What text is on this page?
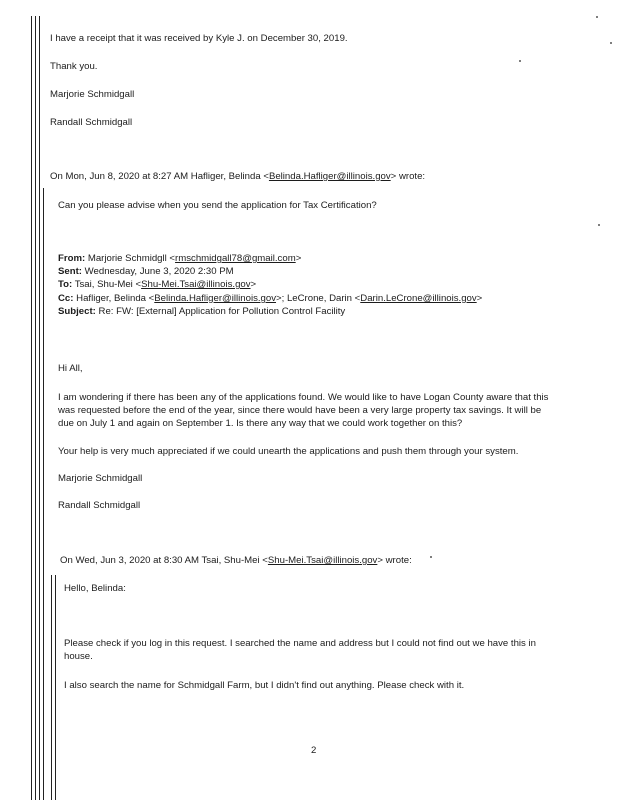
I have a receipt that it was received by Kyle J. on December 30, 2019.
Thank you.
Marjorie Schmidgall
Randall Schmidgall
On Mon, Jun 8, 2020 at 8:27 AM Hafliger, Belinda <Belinda.Hafliger@illinois.gov> wrote:
Can you please advise when you send the application for Tax Certification?
From: Marjorie Schmidgll <rmschmidgall78@gmail.com>
Sent: Wednesday, June 3, 2020 2:30 PM
To: Tsai, Shu-Mei <Shu-Mei.Tsai@illinois.gov>
Cc: Hafliger, Belinda <Belinda.Hafliger@illinois.gov>; LeCrone, Darin <Darin.LeCrone@illinois.gov>
Subject: Re: FW: [External] Application for Pollution Control Facility
Hi All,
I am wondering if there has been any of the applications found. We would like to have Logan County aware that this
was requested before the end of the year, since there would have been a very large property tax savings. It will be
due on July 1 and again on September 1. Is there any way that we could work together on this?
Your help is very much appreciated if we could unearth the applications and push them through your system.
Marjorie Schmidgall
Randall Schmidgall
On Wed, Jun 3, 2020 at 8:30 AM Tsai, Shu-Mei <Shu-Mei.Tsai@illinois.gov> wrote:
Hello, Belinda:
Please check if you log in this request. I searched the name and address but I could not find out we have this in
house.
I also search the name for Schmidgall Farm, but I didn't find out anything. Please check with it.
2
